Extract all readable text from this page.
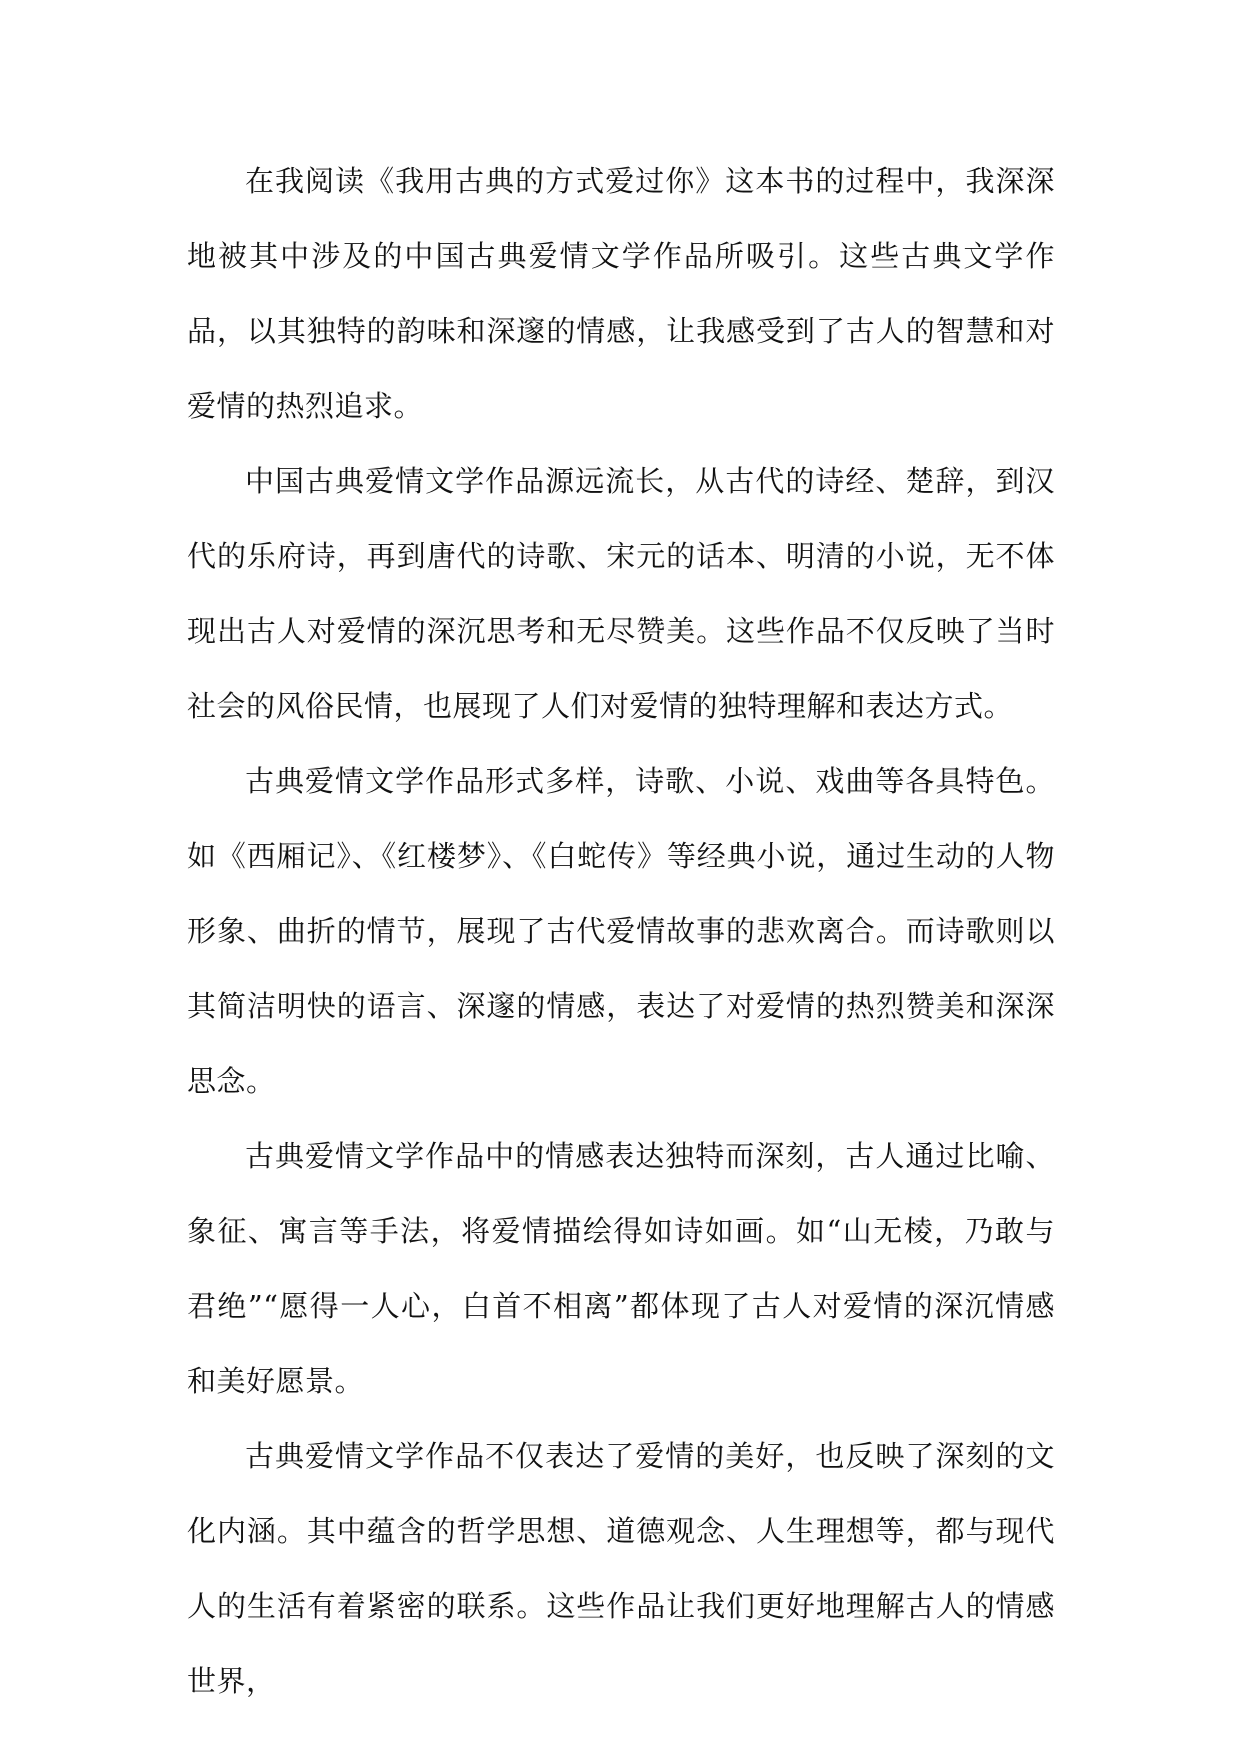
在我阅读《我用古典的方式爱过你》这本书的过程中，我深深地被其中涉及的中国古典爱情文学作品所吸引。这些古典文学作品，以其独特的韵味和深邃的情感，让我感受到了古人的智慧和对爱情的热烈追求。

中国古典爱情文学作品源远流长，从古代的诗经、楚辞，到汉代的乐府诗，再到唐代的诗歌、宋元的话本、明清的小说，无不体现出古人对爱情的深沉思考和无尽赞美。这些作品不仅反映了当时社会的风俗民情，也展现了人们对爱情的独特理解和表达方式。

古典爱情文学作品形式多样，诗歌、小说、戏曲等各具特色。如《西厢记》、《红楼梦》、《白蛇传》等经典小说，通过生动的人物形象、曲折的情节，展现了古代爱情故事的悲欢离合。而诗歌则以其简洁明快的语言、深邃的情感，表达了对爱情的热烈赞美和深深思念。

古典爱情文学作品中的情感表达独特而深刻，古人通过比喻、象征、寓言等手法，将爱情描绘得如诗如画。如“山无棱，乃敢与君绝”“愿得一人心，白首不相离”都体现了古人对爱情的深沉情感和美好愿景。

古典爱情文学作品不仅表达了爱情的美好，也反映了深刻的文化内涵。其中蕴含的哲学思想、道德观念、人生理想等，都与现代人的生活有着紧密的联系。这些作品让我们更好地理解古人的情感世界，
